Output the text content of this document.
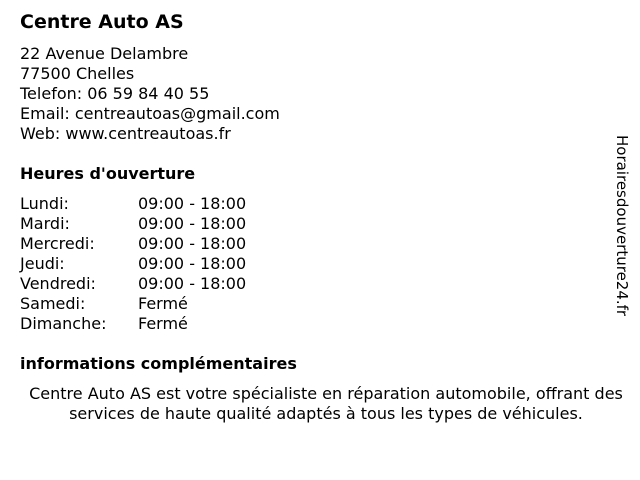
Centre Auto AS
22 Avenue Delambre
77500 Chelles
Telefon: 06 59 84 40 55
Email: centreautoas@gmail.com
Web: www.centreautoas.fr
Heures d'ouverture
Lundi:	09:00 - 18:00
Mardi:	09:00 - 18:00
Mercredi:	09:00 - 18:00
Jeudi:	09:00 - 18:00
Vendredi:	09:00 - 18:00
Samedi:	Fermé
Dimanche: Fermé
informations complémentaires
Centre Auto AS est votre spécialiste en réparation automobile, offrant des services de haute qualité adaptés à tous les types de véhicules.
Horairesdouverture24.fr
